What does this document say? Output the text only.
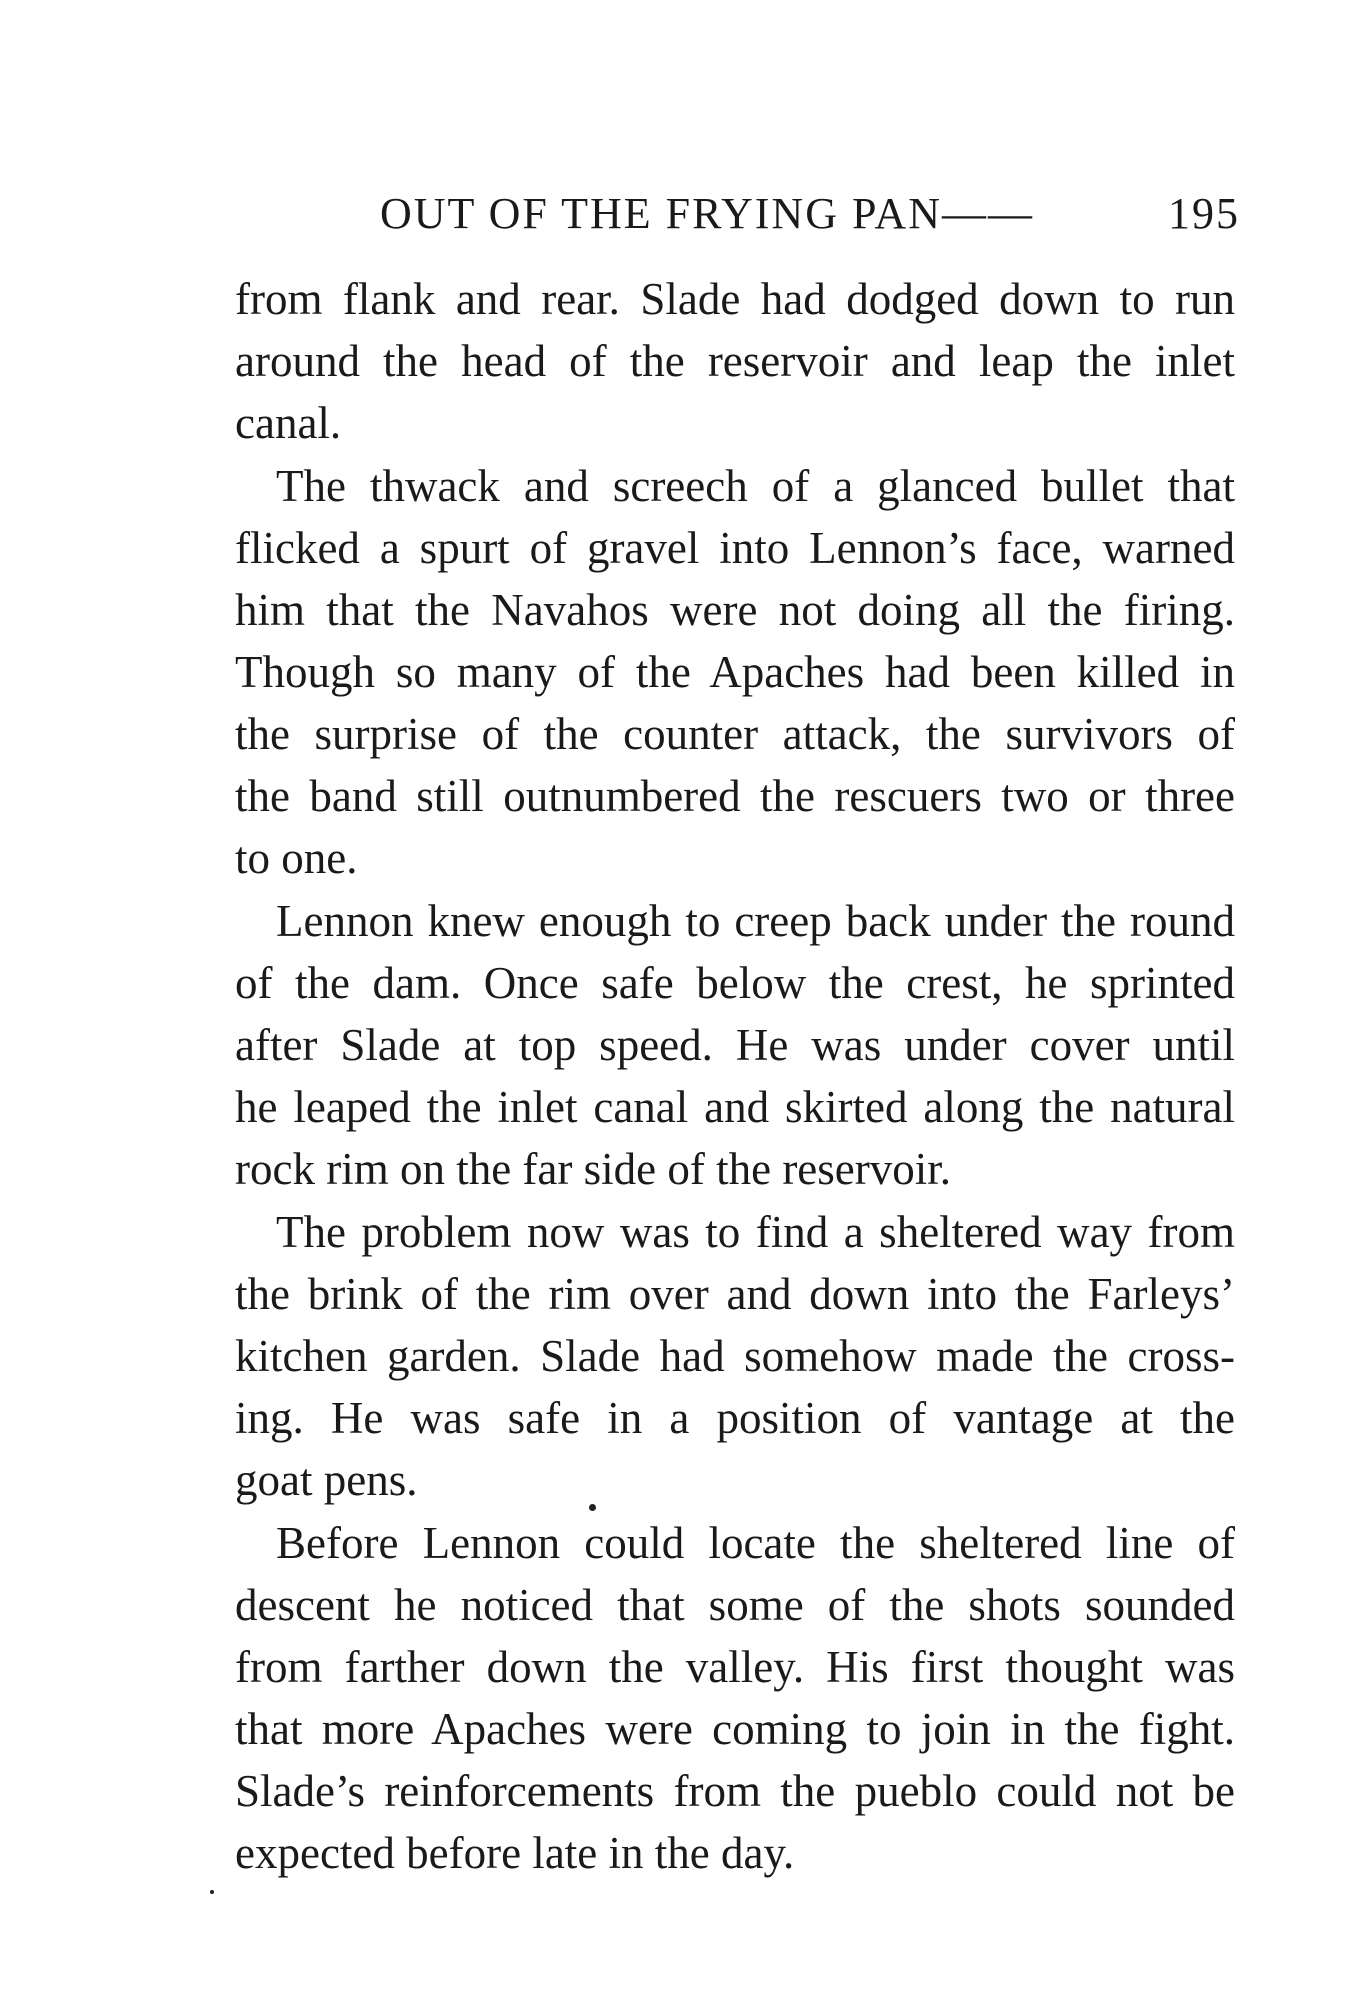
OUT OF THE FRYING PAN——	195
from flank and rear. Slade had dodged down to run
around the head of the reservoir and leap the inlet
canal.
The thwack and screech of a glanced bullet that
flicked a spurt of gravel into Lennon’s face, warned
him that the Navahos were not doing all the firing.
Though so many of the Apaches had been killed in
the surprise of the counter attack, the survivors of
the band still outnumbered the rescuers two or three
to one.
Lennon knew enough to creep back under the round
of the dam. Once safe below the crest, he sprinted
after Slade at top speed. He was under cover until
he leaped the inlet canal and skirted along the natural
rock rim on the far side of the reservoir.
The problem now was to find a sheltered way from
the brink of the rim over and down into the Farleys’
kitchen garden. Slade had somehow made the cross-
ing. He was safe in a position of vantage at the
goat pens.
Before Lennon could locate the sheltered line of
descent he noticed that some of the shots sounded
from farther down the valley. His first thought was
that more Apaches were coming to join in the fight.
Slade’s reinforcements from the pueblo could not be
expected before late in the day.
